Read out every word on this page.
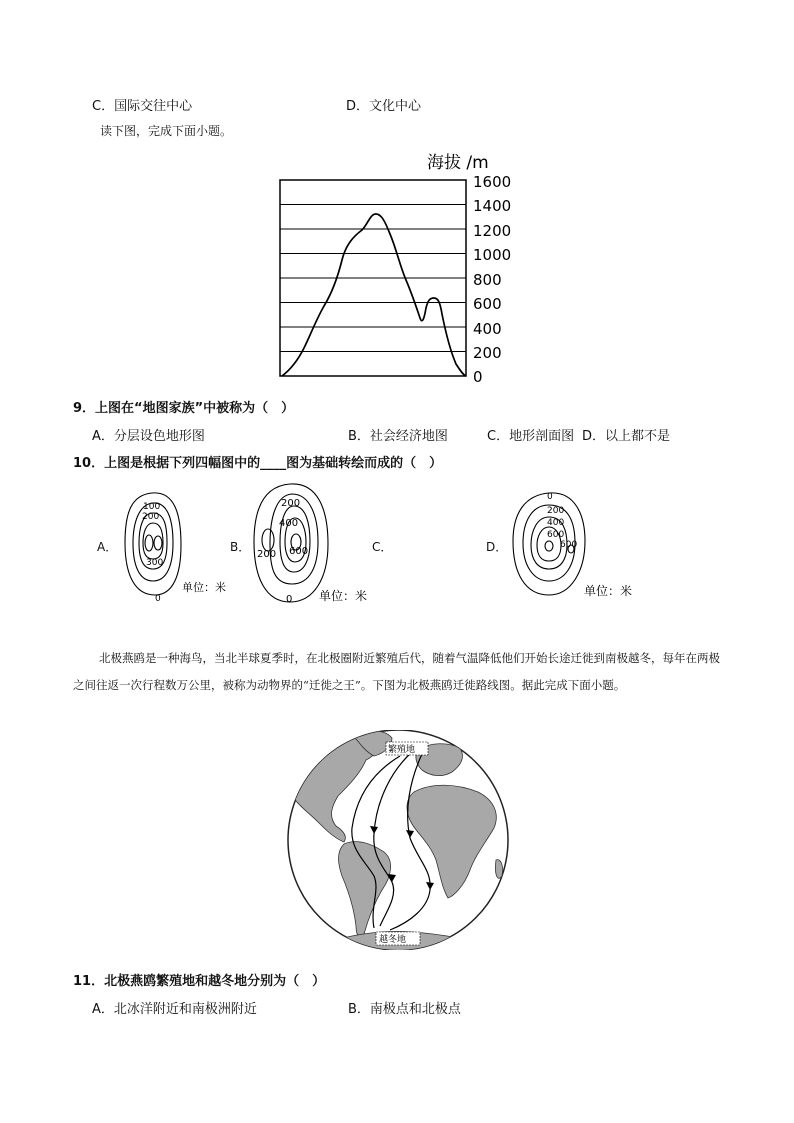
C．国际交往中心	D．文化中心
读下图，完成下面小题。
海拔 /m
1600
1400
1200
1000
800
600
400
200
0
9．上图在“地图家族”中被称为（　）
A．分层设色地形图	B．社会经济地图	C．地形剖面图 D．以上都不是
10．上图是根据下列四幅图中的____图为基础转绘而成的（　）
A．	B．	C．	D．
100
200
300
0
单位：米
200
400
600
200
0 单位：米
0
200
400
600
600
单位：米
北极燕鸥是一种海鸟，当北半球夏季时，在北极圈附近繁殖后代，随着气温降低他们开始长途迁徙到南极越冬，每年在两极之间往返一次行程数万公里，被称为动物界的“迁徙之王”。下图为北极燕鸥迁徙路线图。据此完成下面小题。
繁殖地
越冬地
11．北极燕鸥繁殖地和越冬地分别为（　）
A．北冰洋附近和南极洲附近	B．南极点和北极点
